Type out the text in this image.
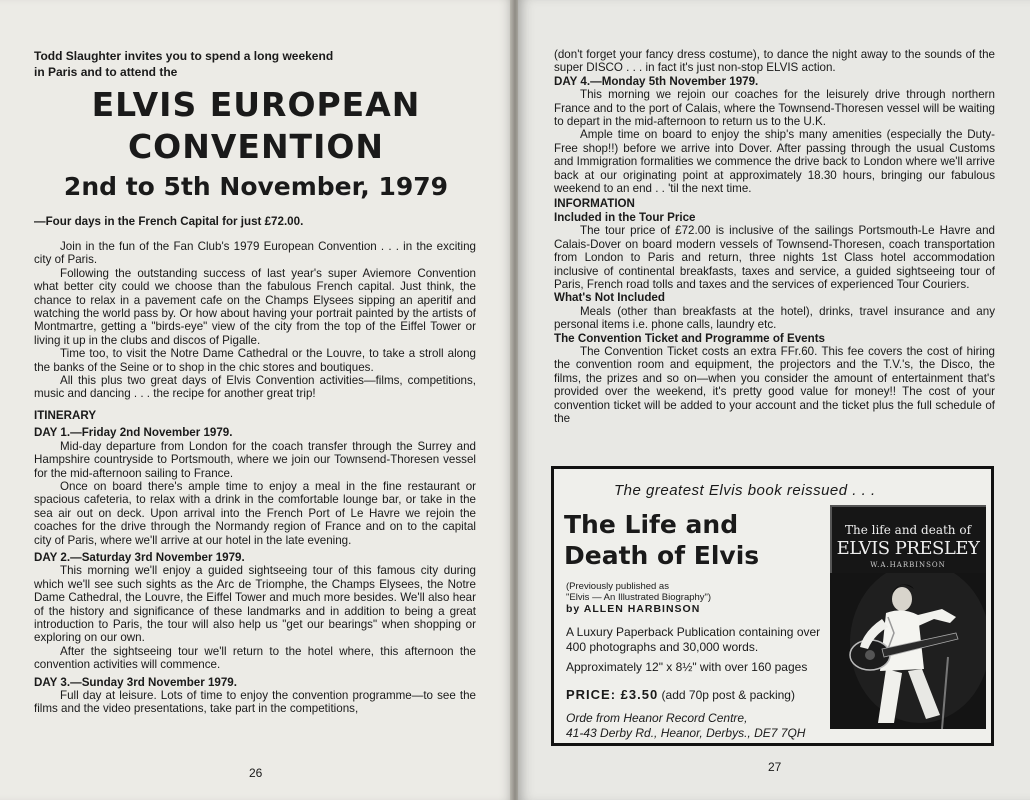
Todd Slaughter invites you to spend a long weekend
in Paris and to attend the
ELVIS EUROPEAN
CONVENTION
2nd to 5th November, 1979
—Four days in the French Capital for just £72.00.

Join in the fun of the Fan Club's 1979 European Convention . . . in the exciting city of Paris.

Following the outstanding success of last year's super Aviemore Convention what better city could we choose than the fabulous French capital. Just think, the chance to relax in a pavement cafe on the Champs Elysees sipping an aperitif and watching the world pass by. Or how about having your portrait painted by the artists of Montmartre, getting a "birds-eye" view of the city from the top of the Eiffel Tower or living it up in the clubs and discos of Pigalle.

Time too, to visit the Notre Dame Cathedral or the Louvre, to take a stroll along the banks of the Seine or to shop in the chic stores and boutiques.

All this plus two great days of Elvis Convention activities—films, competitions, music and dancing . . . the recipe for another great trip!

ITINERARY

DAY 1.—Friday 2nd November 1979.

Mid-day departure from London for the coach transfer through the Surrey and Hampshire countryside to Portsmouth, where we join our Townsend-Thoresen vessel for the mid-afternoon sailing to France.

Once on board there's ample time to enjoy a meal in the fine restaurant or spacious cafeteria, to relax with a drink in the comfortable lounge bar, or take in the sea air out on deck. Upon arrival into the French Port of Le Havre we rejoin the coaches for the drive through the Normandy region of France and on to the capital city of Paris, where we'll arrive at our hotel in the late evening.

DAY 2.—Saturday 3rd November 1979.

This morning we'll enjoy a guided sightseeing tour of this famous city during which we'll see such sights as the Arc de Triomphe, the Champs Elysees, the Notre Dame Cathedral, the Louvre, the Eiffel Tower and much more besides. We'll also hear of the history and significance of these landmarks and in addition to being a great introduction to Paris, the tour will also help us "get our bearings" when shopping or exploring on our own.

After the sightseeing tour we'll return to the hotel where, this afternoon the convention activities will commence.

DAY 3.—Sunday 3rd November 1979.

Full day at leisure. Lots of time to enjoy the convention programme—to see the films and the video presentations, take part in the competitions,

26

(don't forget your fancy dress costume), to dance the night away to the sounds of the super DISCO . . . in fact it's just non-stop ELVIS action.

DAY 4.—Monday 5th November 1979.

This morning we rejoin our coaches for the leisurely drive through northern France and to the port of Calais, where the Townsend-Thoresen vessel will be waiting to depart in the mid-afternoon to return us to the U.K.

Ample time on board to enjoy the ship's many amenities (especially the Duty-Free shop!!) before we arrive into Dover. After passing through the usual Customs and Immigration formalities we commence the drive back to London where we'll arrive back at our originating point at approximately 18.30 hours, bringing our fabulous weekend to an end . . 'til the next time.

INFORMATION

Included in the Tour Price

The tour price of £72.00 is inclusive of the sailings Portsmouth-Le Havre and Calais-Dover on board modern vessels of Townsend-Thoresen, coach transportation from London to Paris and return, three nights 1st Class hotel accommodation inclusive of continental breakfasts, taxes and service, a guided sightseeing tour of Paris, French road tolls and taxes and the services of experienced Tour Couriers.

What's Not Included

Meals (other than breakfasts at the hotel), drinks, travel insurance and any personal items i.e. phone calls, laundry etc.

The Convention Ticket and Programme of Events

The Convention Ticket costs an extra FFr.60. This fee covers the cost of hiring the convention room and equipment, the projectors and the T.V.'s, the Disco, the films, the prizes and so on—when you consider the amount of entertainment that's provided over the weekend, it's pretty good value for money!! The cost of your convention ticket will be added to your account and the ticket plus the full schedule of the

The greatest Elvis book reissued . . .
The Life and
Death of Elvis
(Previously published as
"Elvis — An Illustrated Biography")
by ALLEN HARBINSON
A Luxury Paperback Publication containing over 400 photographs and 30,000 words.
Approximately 12" x 8½" with over 160 pages
PRICE: £3.50 (add 70p post & packing)
Orde from Heanor Record Centre,
41-43 Derby Rd., Heanor, Derbys., DE7 7QH
The life and death of
ELVIS PRESLEY
W.A.HARBINSON
27
